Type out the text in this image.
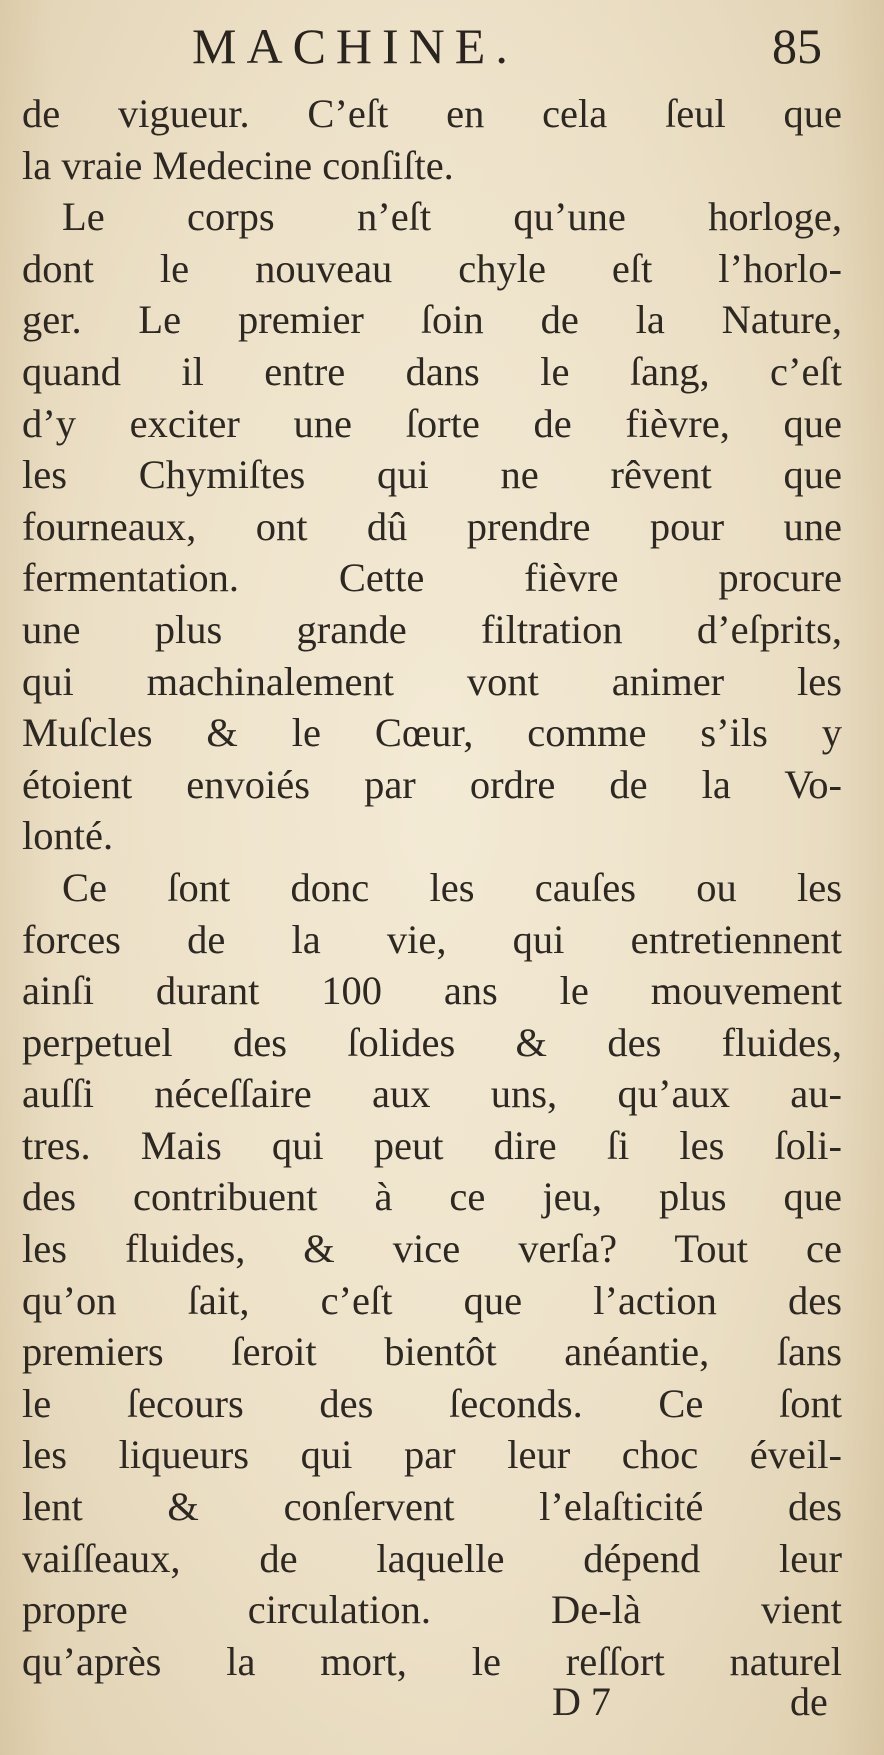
MACHINE.	85
de vigueur. C’eſt en cela ſeul que
la vraie Medecine conſiſte.
Le corps n’eſt qu’une horloge,
dont le nouveau chyle eſt l’horlo-
ger. Le premier ſoin de la Nature,
quand il entre dans le ſang, c’eſt
d’y exciter une ſorte de fièvre, que
les Chymiſtes qui ne rêvent que
fourneaux, ont dû prendre pour une
fermentation. Cette fièvre procure
une plus grande filtration d’eſprits,
qui machinalement vont animer les
Muſcles & le Cœur, comme s’ils y
étoient envoiés par ordre de la Vo-
lonté.
Ce ſont donc les cauſes ou les
forces de la vie, qui entretiennent
ainſi durant 100 ans le mouvement
perpetuel des ſolides & des fluides,
auſſi néceſſaire aux uns, qu’aux au-
tres. Mais qui peut dire ſi les ſoli-
des contribuent à ce jeu, plus que
les fluides, & vice verſa? Tout ce
qu’on ſait, c’eſt que l’action des
premiers ſeroit bientôt anéantie, ſans
le ſecours des ſeconds. Ce ſont
les liqueurs qui par leur choc éveil-
lent & conſervent l’elaſticité des
vaiſſeaux, de laquelle dépend leur
propre circulation. De-là vient
qu’après la mort, le reſſort naturel
D 7	de
